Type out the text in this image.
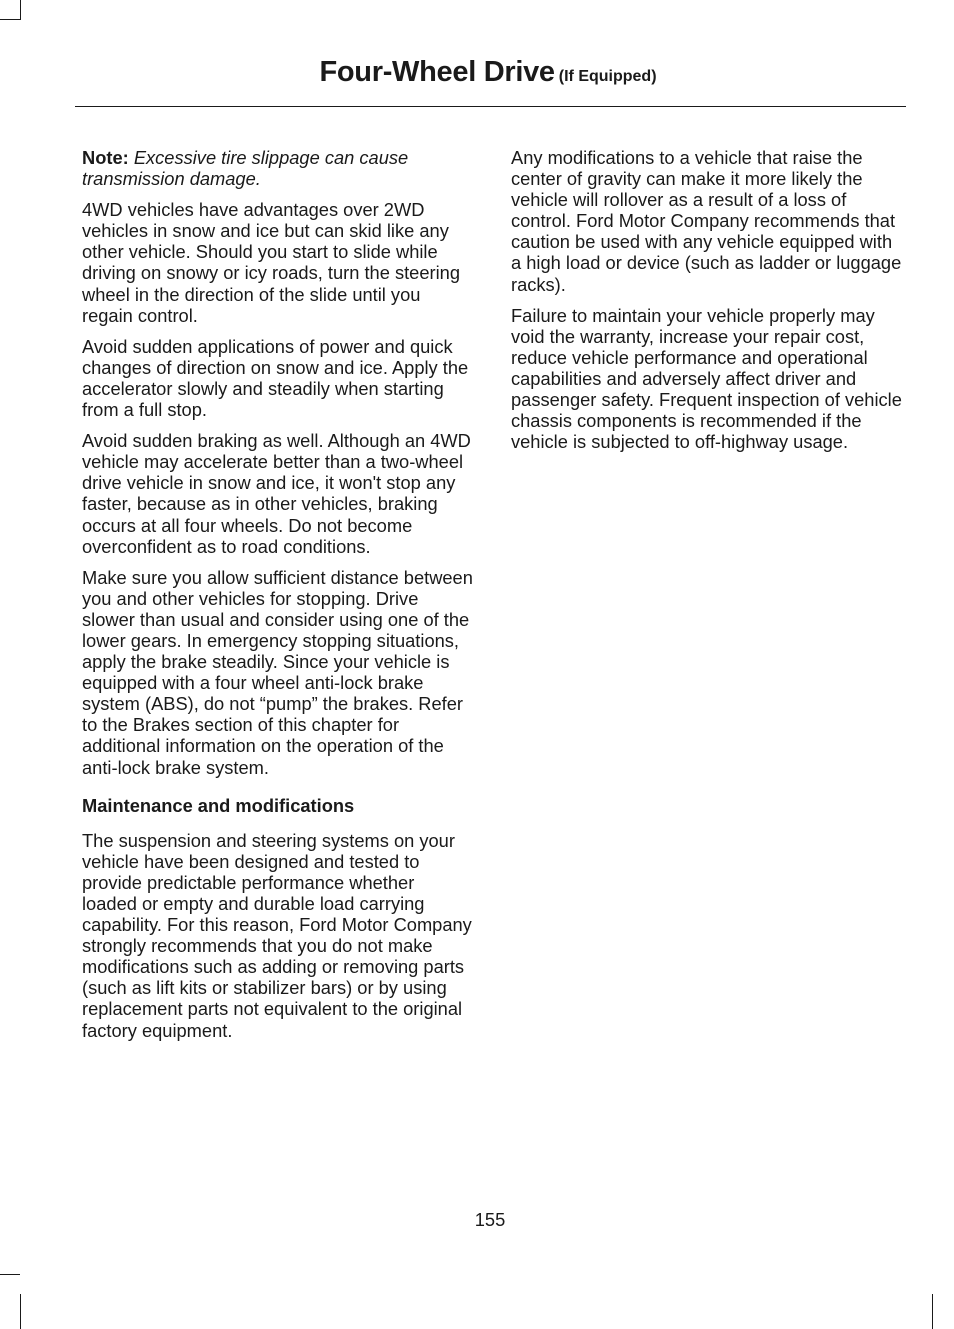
Four-Wheel Drive (If Equipped)

Note: Excessive tire slippage can cause transmission damage.

4WD vehicles have advantages over 2WD vehicles in snow and ice but can skid like any other vehicle. Should you start to slide while driving on snowy or icy roads, turn the steering wheel in the direction of the slide until you regain control.

Avoid sudden applications of power and quick changes of direction on snow and ice. Apply the accelerator slowly and steadily when starting from a full stop.

Avoid sudden braking as well. Although an 4WD vehicle may accelerate better than a two-wheel drive vehicle in snow and ice, it won't stop any faster, because as in other vehicles, braking occurs at all four wheels. Do not become overconfident as to road conditions.

Make sure you allow sufficient distance between you and other vehicles for stopping. Drive slower than usual and consider using one of the lower gears. In emergency stopping situations, apply the brake steadily. Since your vehicle is equipped with a four wheel anti-lock brake system (ABS), do not “pump” the brakes. Refer to the Brakes section of this chapter for additional information on the operation of the anti-lock brake system.

Maintenance and modifications

The suspension and steering systems on your vehicle have been designed and tested to provide predictable performance whether loaded or empty and durable load carrying capability. For this reason, Ford Motor Company strongly recommends that you do not make modifications such as adding or removing parts (such as lift kits or stabilizer bars) or by using replacement parts not equivalent to the original factory equipment.

Any modifications to a vehicle that raise the center of gravity can make it more likely the vehicle will rollover as a result of a loss of control. Ford Motor Company recommends that caution be used with any vehicle equipped with a high load or device (such as ladder or luggage racks).

Failure to maintain your vehicle properly may void the warranty, increase your repair cost, reduce vehicle performance and operational capabilities and adversely affect driver and passenger safety. Frequent inspection of vehicle chassis components is recommended if the vehicle is subjected to off-highway usage.

155
